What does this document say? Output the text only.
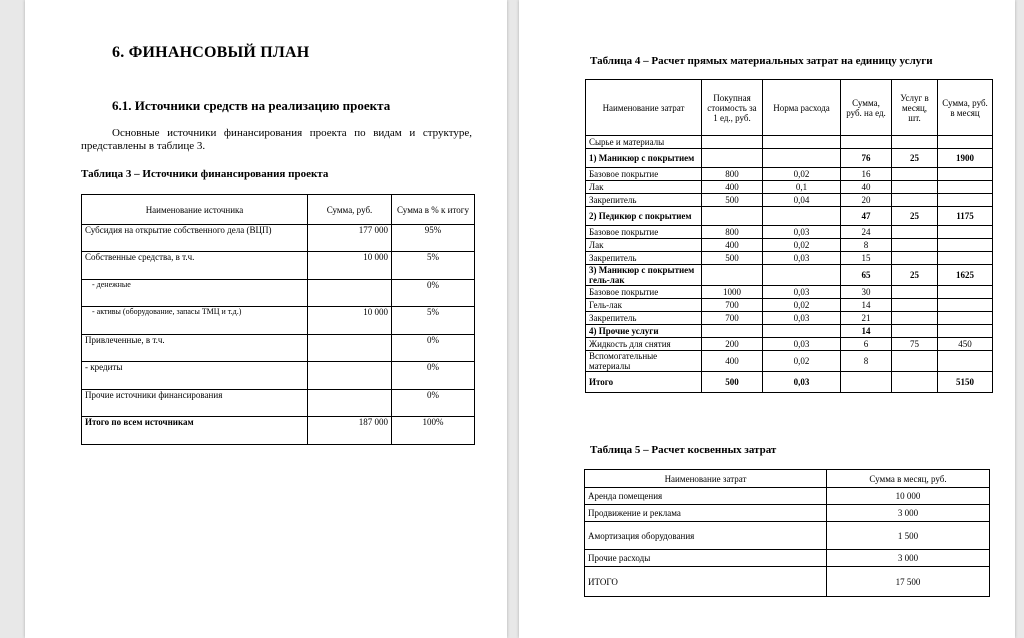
6. ФИНАНСОВЫЙ ПЛАН
6.1. Источники средств на реализацию проекта
Основные источники финансирования проекта по видам и структуре, представлены в таблице 3.
Таблица 3 – Источники финансирования проекта
Наименование источника	Сумма, руб.	Сумма в % к итогу
Субсидия на открытие собственного дела (ВЦП)	177 000	95%
Собственные средства, в т.ч.	10 000	5%
- денежные		0%
- активы (оборудование, запасы ТМЦ и т.д.)	10 000	5%
Привлеченные, в т.ч.		0%
- кредиты		0%
Прочие источники финансирования		0%
Итого по всем источникам	187 000	100%
Таблица 4 – Расчет прямых материальных затрат на единицу услуги
Наименование затрат	Покупная стоимость за 1 ед., руб.	Норма расхода	Сумма, руб. на ед.	Услуг в месяц, шт.	Сумма, руб. в месяц
Сырье и материалы					
1) Маникюр с покрытием			76	25	1900
Базовое покрытие	800	0,02	16		
Лак	400	0,1	40		
Закрепитель	500	0,04	20		
2) Педикюр с покрытием			47	25	1175
Базовое покрытие	800	0,03	24		
Лак	400	0,02	8		
Закрепитель	500	0,03	15		
3) Маникюр с покрытием гель-лак			65	25	1625
Базовое покрытие	1000	0,03	30		
Гель-лак	700	0,02	14		
Закрепитель	700	0,03	21		
4) Прочие услуги			14		
Жидкость для снятия	200	0,03	6	75	450
Вспомогательные материалы	400	0,02	8		
Итого	500	0,03			5150
Таблица 5 – Расчет косвенных затрат
Наименование затрат	Сумма в месяц, руб.
Аренда помещения	10 000
Продвижение и реклама	3 000
Амортизация оборудования	1 500
Прочие расходы	3 000
ИТОГО	17 500
